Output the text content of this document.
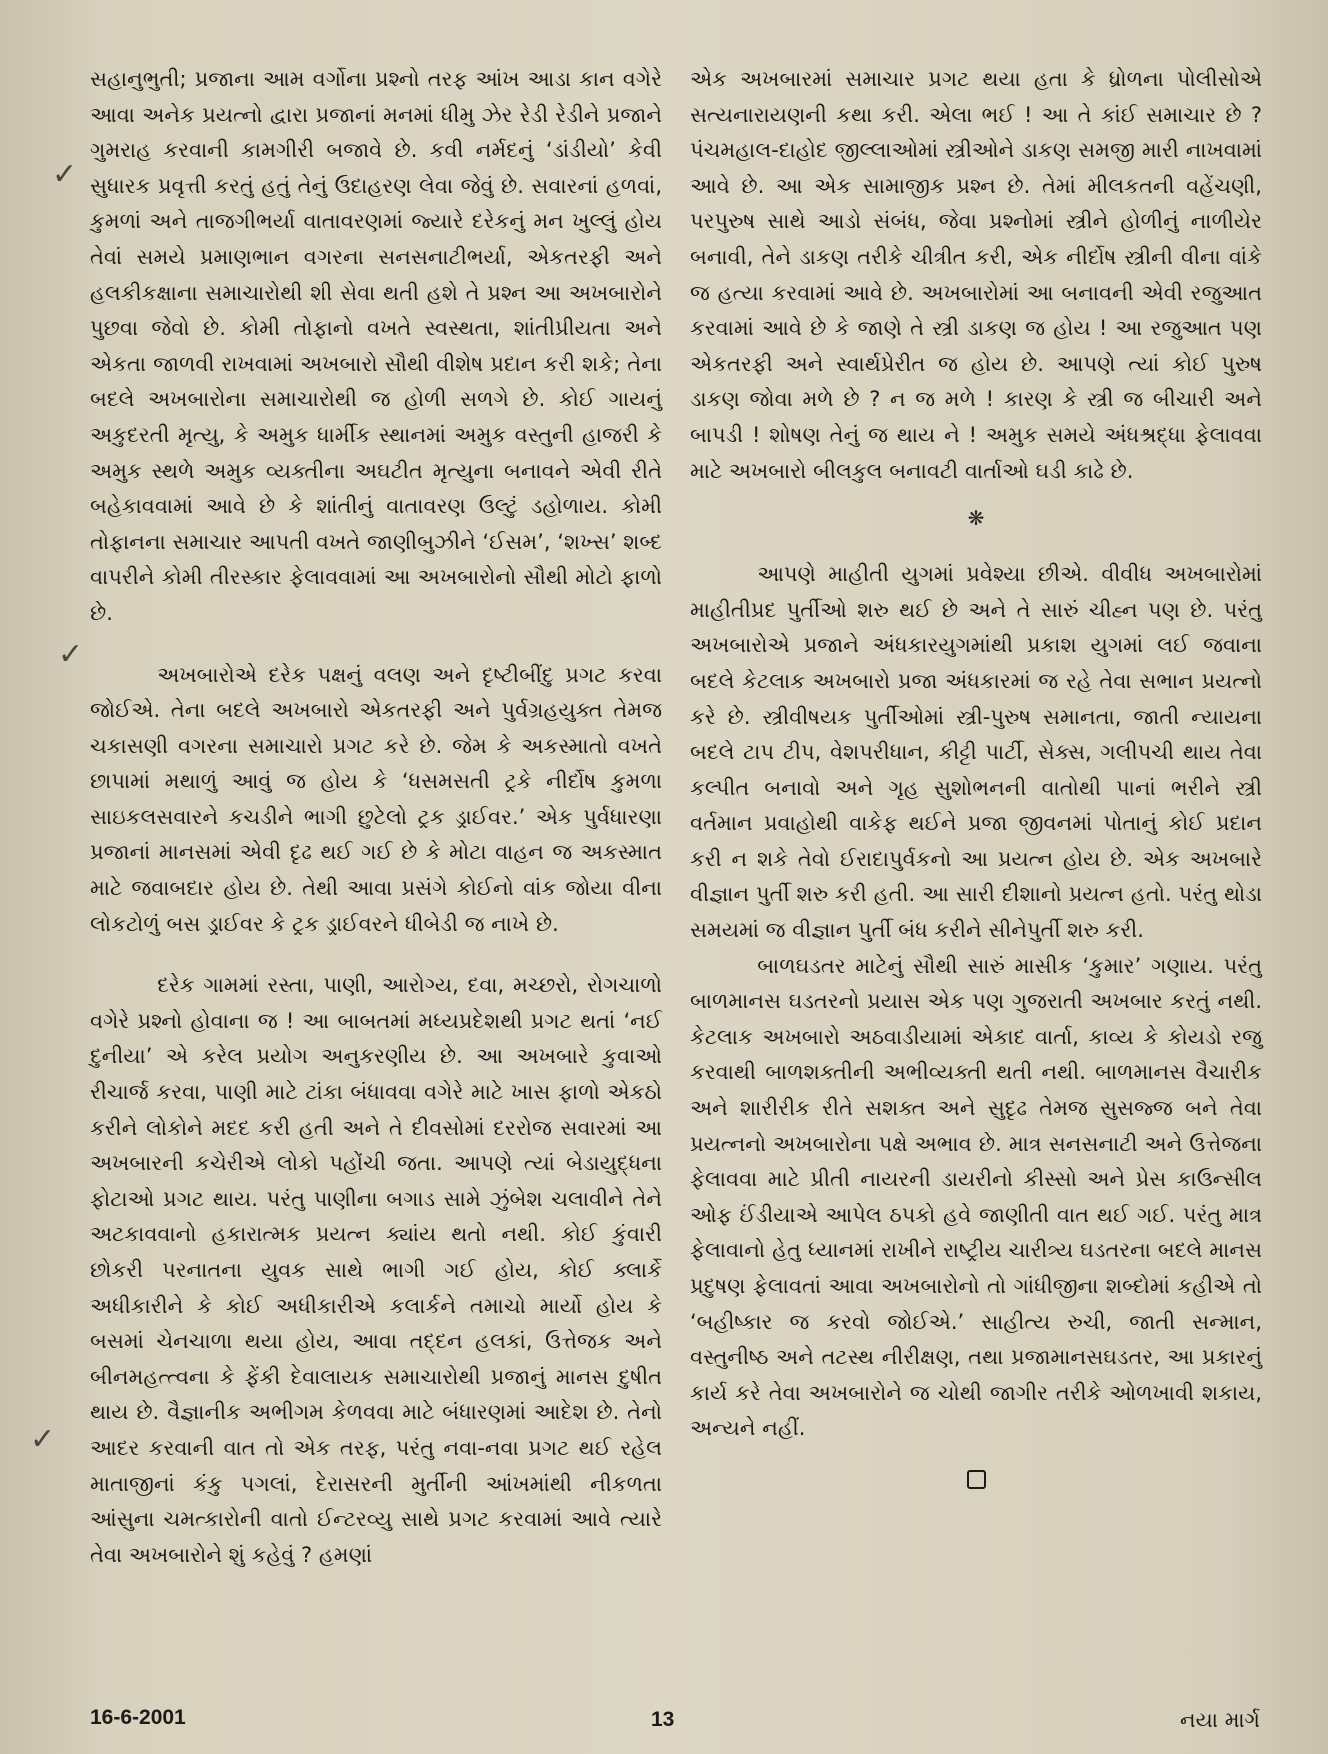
સહાનુભુતી; પ્રજાના આમ વર્ગોના પ્રશ્નો તરફ આંખ આડા કાન વગેરે આવા અનેક પ્રયત્નો દ્વારા પ્રજાનાં મનમાં ધીમુ ઝેર રેડી રેડીને પ્રજાને ગુમરાહ કરવાની કામગીરી બજાવે છે. કવી નર્મદનું ‘ડાંડીયો’ કેવી સુધારક પ્રવૃત્તી કરતું હતું તેનું ઉદાહરણ લેવા જેવું છે. સવારનાં હળવાં, કુમળાં અને તાજગીભર્યા વાતાવરણમાં જ્યારે દરેકનું મન ખુલ્લું હોય તેવાં સમયે પ્રમાણભાન વગરના સનસનાટીભર્યા, એકતરફી અને હલકીકક્ષાના સમાચારોથી શી સેવા થતી હશે તે પ્રશ્ન આ અખબારોને પુછવા જેવો છે. કોમી તોફાનો વખતે સ્વસ્થતા, શાંતીપ્રીયતા અને એકતા જાળવી રાખવામાં અખબારો સૌથી વીશેષ પ્રદાન કરી શકે; તેના બદલે અખબારોના સમાચારોથી જ હોળી સળગે છે. કોઈ ગાયનું અકુદરતી મૃત્યુ, કે અમુક ધાર્મીક સ્થાનમાં અમુક વસ્તુની હાજરી કે અમુક સ્થળે અમુક વ્યક્તીના અઘટીત મૃત્યુના બનાવને એવી રીતે બહેકાવવામાં આવે છે કે શાંતીનું વાતાવરણ ઉલ્ટું ડહોળાય. કોમી તોફાનના સમાચાર આપતી વખતે જાણીબુઝીને ‘ઈસમ’, ‘શખ્સ’ શબ્દ વાપરીને કોમી તીરસ્કાર ફેલાવવામાં આ અખબારોનો સૌથી મોટો ફાળો છે.

અખબારોએ દરેક પક્ષનું વલણ અને દૃષ્ટીબીંદુ પ્રગટ કરવા જોઈએ. તેના બદલે અખબારો એકતરફી અને પુર્વગ્રહયુક્ત તેમજ ચકાસણી વગરના સમાચારો પ્રગટ કરે છે. જેમ કે અકસ્માતો વખતે છાપામાં મથાળું આવું જ હોય કે ‘ધસમસતી ટ્રકે નીર્દોષ કુમળા સાઇકલસવારને કચડીને ભાગી છુટેલો ટ્રક ડ્રાઈવર.’ એક પુર્વધારણા પ્રજાનાં માનસમાં એવી દૃઢ થઈ ગઈ છે કે મોટા વાહન જ અકસ્માત માટે જવાબદાર હોય છે. તેથી આવા પ્રસંગે કોઈનો વાંક જોયા વીના લોકટોળું બસ ડ્રાઈવર કે ટ્રક ડ્રાઈવરને ધીબેડી જ નાખે છે.

દરેક ગામમાં રસ્તા, પાણી, આરોગ્ય, દવા, મચ્છરો, રોગચાળો વગેરે પ્રશ્નો હોવાના જ ! આ બાબતમાં મધ્યપ્રદેશથી પ્રગટ થતાં ‘નઈ દુનીયા’ એ કરેલ પ્રયોગ અનુકરણીય છે. આ અખબારે કુવાઓ રીચાર્જ કરવા, પાણી માટે ટાંકા બંધાવવા વગેરે માટે ખાસ ફાળો એકઠો કરીને લોકોને મદદ કરી હતી અને તે દીવસોમાં દરરોજ સવારમાં આ અખબારની કચેરીએ લોકો પહોંચી જતા. આપણે ત્યાં બેડાયુદ્ધના ફોટાઓ પ્રગટ થાય. પરંતુ પાણીના બગાડ સામે ઝુંબેશ ચલાવીને તેને અટકાવવાનો હકારાત્મક પ્રયત્ન ક્યાંય થતો નથી. કોઈ કુંવારી છોકરી પરનાતના યુવક સાથે ભાગી ગઈ હોય, કોઈ ક્લાર્કે અધીકારીને કે કોઈ અધીકારીએ કલાર્કને તમાચો માર્યો હોય કે બસમાં ચેનચાળા થયા હોય, આવા તદ્દન હલકાં, ઉત્તેજક અને બીનમહત્ત્વના કે ફેંકી દેવાલાયક સમાચારોથી પ્રજાનું માનસ દુષીત થાય છે. વૈજ્ઞાનીક અભીગમ કેળવવા માટે બંધારણમાં આદેશ છે. તેનો આદર કરવાની વાત તો એક તરફ, પરંતુ નવા-નવા પ્રગટ થઈ રહેલ માતાજીનાં કંકુ પગલાં, દેરાસરની મુર્તીની આંખમાંથી નીકળતા આંસુના ચમત્કારોની વાતો ઈન્ટરવ્યુ સાથે પ્રગટ કરવામાં આવે ત્યારે તેવા અખબારોને શું કહેવું ? હમણાં

એક અખબારમાં સમાચાર પ્રગટ થયા હતા કે ધ્રોળના પોલીસોએ સત્યનારાયણની કથા કરી. એલા ભઈ ! આ તે કાંઈ સમાચાર છે ? પંચમહાલ-દાહોદ જીલ્લાઓમાં સ્ત્રીઓને ડાકણ સમજી મારી નાખવામાં આવે છે. આ એક સામાજીક પ્રશ્ન છે. તેમાં મીલકતની વહેંચણી, પરપુરુષ સાથે આડો સંબંધ, જેવા પ્રશ્નોમાં સ્ત્રીને હોળીનું નાળીયેર બનાવી, તેને ડાકણ તરીકે ચીત્રીત કરી, એક નીર્દોષ સ્ત્રીની વીના વાંકે જ હત્યા કરવામાં આવે છે. અખબારોમાં આ બનાવની એવી રજુઆત કરવામાં આવે છે કે જાણે તે સ્ત્રી ડાકણ જ હોય ! આ રજુઆત પણ એકતરફી અને સ્વાર્થપ્રેરીત જ હોય છે. આપણે ત્યાં કોઈ પુરુષ ડાકણ જોવા મળે છે ? ન જ મળે ! કારણ કે સ્ત્રી જ બીચારી અને બાપડી ! શોષણ તેનું જ થાય ને ! અમુક સમયે અંધશ્રદ્ધા ફેલાવવા માટે અખબારો બીલકુલ બનાવટી વાર્તાઓ ઘડી કાઢે છે.

❋

આપણે માહીતી યુગમાં પ્રવેશ્યા છીએ. વીવીધ અખબારોમાં માહીતીપ્રદ પુર્તીઓ શરુ થઈ છે અને તે સારું ચીહ્ન પણ છે. પરંતુ અખબારોએ પ્રજાને અંધકારયુગમાંથી પ્રકાશ યુગમાં લઈ જવાના બદલે કેટલાક અખબારો પ્રજા અંધકારમાં જ રહે તેવા સભાન પ્રયત્નો કરે છે. સ્ત્રીવીષયક પુર્તીઓમાં સ્ત્રી-પુરુષ સમાનતા, જાતી ન્યાયના બદલે ટાપ ટીપ, વેશપરીધાન, કીટ્ટી પાર્ટી, સેક્સ, ગલીપચી થાય તેવા કલ્પીત બનાવો અને ગૃહ સુશોભનની વાતોથી પાનાં ભરીને સ્ત્રી વર્તમાન પ્રવાહોથી વાકેફ થઈને પ્રજા જીવનમાં પોતાનું કોઈ પ્રદાન કરી ન શકે તેવો ઈરાદાપુર્વકનો આ પ્રયત્ન હોય છે. એક અખબારે વીજ્ઞાન પુર્તી શરુ કરી હતી. આ સારી દીશાનો પ્રયત્ન હતો. પરંતુ થોડા સમયમાં જ વીજ્ઞાન પુર્તી બંધ કરીને સીનેપુર્તી શરુ કરી.

બાળઘડતર માટેનું સૌથી સારું માસીક ‘કુમાર’ ગણાય. પરંતુ બાળમાનસ ઘડતરનો પ્રયાસ એક પણ ગુજરાતી અખબાર કરતું નથી. કેટલાક અખબારો અઠવાડીયામાં એકાદ વાર્તા, કાવ્ય કે કોયડો રજુ કરવાથી બાળશક્તીની અભીવ્યક્તી થતી નથી. બાળમાનસ વૈચારીક અને શારીરીક રીતે સશક્ત અને સુદૃઢ તેમજ સુસજ્જ બને તેવા પ્રયત્નનો અખબારોના પક્ષે અભાવ છે. માત્ર સનસનાટી અને ઉત્તેજના ફેલાવવા માટે પ્રીતી નાયરની ડાયરીનો કીસ્સો અને પ્રેસ કાઉન્સીલ ઓફ ઈંડીયાએ આપેલ ઠપકો હવે જાણીતી વાત થઈ ગઈ. પરંતુ માત્ર ફેલાવાનો હેતુ ધ્યાનમાં રાખીને રાષ્ટ્રીય ચારીત્ર્ય ઘડતરના બદલે માનસ પ્રદુષણ ફેલાવતાં આવા અખબારોનો તો ગાંધીજીના શબ્દોમાં કહીએ તો ‘બહીષ્કાર જ કરવો જોઈએ.’ સાહીત્ય રુચી, જાતી સન્માન, વસ્તુનીષ્ઠ અને તટસ્થ નીરીક્ષણ, તથા પ્રજામાનસઘડતર, આ પ્રકારનું કાર્ય કરે તેવા અખબારોને જ ચોથી જાગીર તરીકે ઓળખાવી શકાય, અન્યને નહીં.

✓
✓
✓
16-6-2001	13	નયા માર્ગ
